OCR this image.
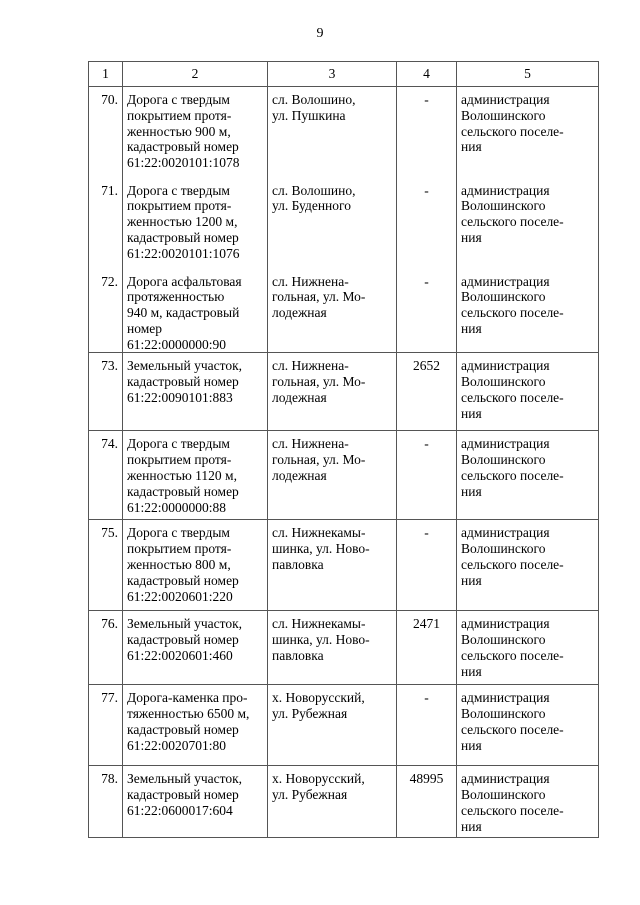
9
1	2	3	4	5
70.	Дорога с твердым
покрытием протя-
женностью 900 м,
кадастровый номер
61:22:0020101:1078	сл. Волошино,
ул. Пушкина	-	администрация
Волошинского
сельского поселе-
ния

71.	Дорога с твердым
покрытием протя-
женностью 1200 м,
кадастровый номер
61:22:0020101:1076	сл. Волошино,
ул. Буденного	-	администрация
Волошинского
сельского поселе-
ния

72.	Дорога асфальтовая
протяженностью
940 м, кадастровый
номер
61:22:0000000:90	сл. Нижнена-
гольная, ул. Мо-
лодежная	-	администрация
Волошинского
сельского поселе-
ния

73.	Земельный участок,
кадастровый номер
61:22:0090101:883	сл. Нижнена-
гольная, ул. Мо-
лодежная	2652	администрация
Волошинского
сельского поселе-
ния

74.	Дорога с твердым
покрытием протя-
женностью 1120 м,
кадастровый номер
61:22:0000000:88	сл. Нижнена-
гольная, ул. Мо-
лодежная	-	администрация
Волошинского
сельского поселе-
ния

75.	Дорога с твердым
покрытием протя-
женностью 800 м,
кадастровый номер
61:22:0020601:220	сл. Нижнекамы-
шинка, ул. Ново-
павловка	-	администрация
Волошинского
сельского поселе-
ния

76.	Земельный участок,
кадастровый номер
61:22:0020601:460	сл. Нижнекамы-
шинка, ул. Ново-
павловка	2471	администрация
Волошинского
сельского поселе-
ния

77.	Дорога-каменка про-
тяженностью 6500 м,
кадастровый номер
61:22:0020701:80	х. Новорусский,
ул. Рубежная	-	администрация
Волошинского
сельского поселе-
ния

78.	Земельный участок,
кадастровый номер
61:22:0600017:604	х. Новорусский,
ул. Рубежная	48995	администрация
Волошинского
сельского поселе-
ния
